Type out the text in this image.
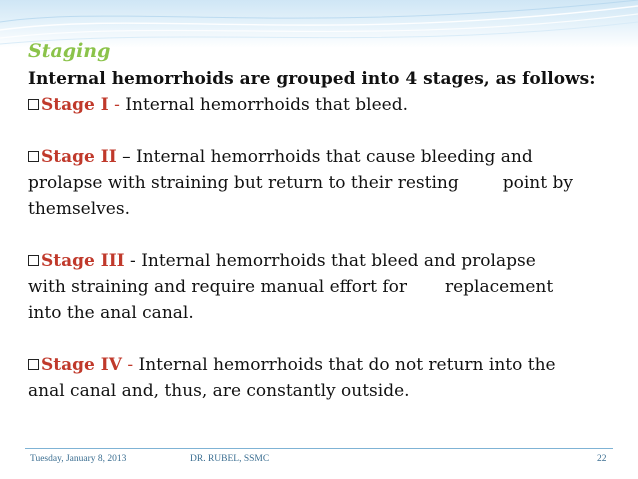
Staging
Internal hemorrhoids are grouped into 4 stages, as follows:
Stage I - Internal hemorrhoids that bleed.
Stage II – Internal hemorrhoids that cause bleeding and
prolapse with straining but return to their resting	point by
themselves.
Stage III - Internal hemorrhoids that bleed and prolapse
with straining and require manual effort for replacement
into the anal canal.
Stage IV - Internal hemorrhoids that do not return into the
anal canal and, thus, are constantly outside.
Tuesday, January 8, 2013	DR. RUBEL, SSMC	22
